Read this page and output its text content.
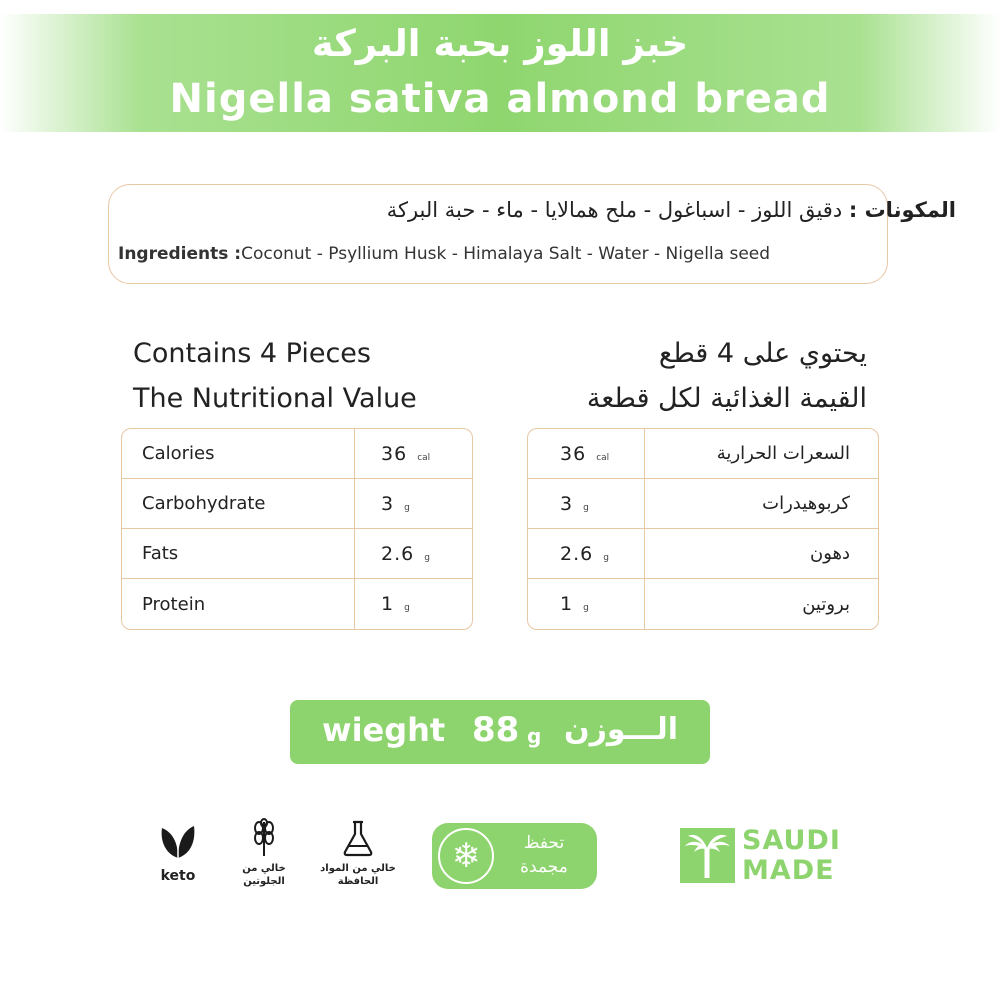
خبز اللوز بحبة البركة
Nigella sativa almond bread
المكونات : دقيق اللوز - اسباغول - ملح همالايا - ماء - حبة البركة
Ingredients :Coconut - Psyllium Husk - Himalaya Salt - Water - Nigella seed
Contains 4 Pieces
The Nutritional Value
يحتوي على 4 قطع
القيمة الغذائية لكل قطعة
Calories	36 cal
Carbohydrate	3 g
Fats	2.6 g
Protein	1 g
36 cal	السعرات الحرارية
3 g	كربوهيدرات
2.6 g	دهون
1 g	بروتين
wieght 88 g الـــوزن
keto	خالي من الجلوتين
خالي من المواد الحافظة
❄	تحفظ
مجمدة
SAUDI
MADE
